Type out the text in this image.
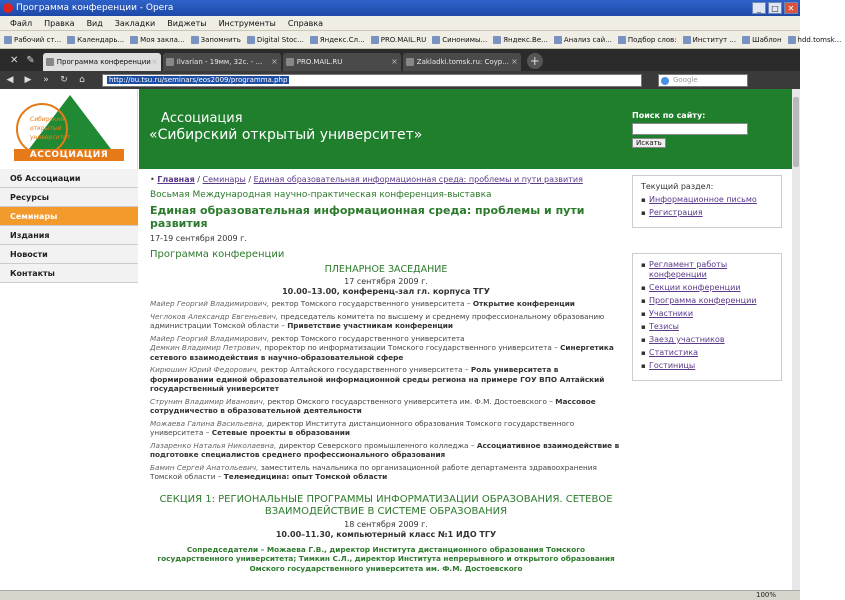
Программа конференции - Opera	_	□	✕
Файл	Правка	Вид	Закладки	Виджеты	Инструменты	Справка
Рабочий ст... Календарь... Моя закла... Запомнить Digital Stoc... Яндекс.Сл... PRO.MAIL.RU Синонимы... Яндекс.Ве... Анализ сай... Подбор слов: Институт ... Шаблон hdd.tomsk...
✕ ✎	Программа конференции ×	Ilvarian - 19мм, 32с. - ... ×	PRO.MAIL.RU	×	Zakladki.tomsk.ru: Соур... × +
◀ ▶	»	↻	⌂	http://ou.tsu.ru/seminars/eos2009/programma.php	Google
Сибирский
открытый
университет
АССОЦИАЦИЯ
Ассоциация
«Сибирский открытый университет»
Поиск по сайту:
Искать
Об Ассоциации
Ресурсы
Семинары
Издания
Новости
Контакты
• Главная / Семинары / Единая образовательная информационная среда: проблемы и пути развития
Восьмая Международная научно-практическая конференция-выставка
Единая образовательная информационная среда: проблемы и пути развития
17-19 сентября 2009 г.
Программа конференции
ПЛЕНАРНОЕ ЗАСЕДАНИЕ
17 сентября 2009 г.
10.00–13.00, конференц-зал гл. корпуса ТГУ
Майер Георгий Владимирович, ректор Томского государственного университета – Открытие конференции
Чеглоков Александр Евгеньевич, председатель комитета по высшему и среднему профессиональному образованию администрации Томской области – Приветствие участникам конференции
Майер Георгий Владимирович, ректор Томского государственного университета
Демкин Владимир Петрович, проректор по информатизации Томского государственного университета – Синергетика сетевого взаимодействия в научно-образовательной сфере
Кирюшин Юрий Федорович, ректор Алтайского государственного университета – Роль университета в формировании единой образовательной информационной среды региона на примере ГОУ ВПО Алтайский государственный университет
Струнин Владимир Иванович, ректор Омского государственного университета им. Ф.М. Достоевского – Массовое сотрудничество в образовательной деятельности
Можаева Галина Васильевна, директор Института дистанционного образования Томского государственного университета – Сетевые проекты в образовании
Лазаренко Наталья Николаевна, директор Северского промышленного колледжа – Ассоциативное взаимодействие в подготовке специалистов среднего профессионального образования
Бамин Сергей Анатольевич, заместитель начальника по организационной работе департамента здравоохранения Томской области – Телемедицина: опыт Томской области
СЕКЦИЯ 1: РЕГИОНАЛЬНЫЕ ПРОГРАММЫ ИНФОРМАТИЗАЦИИ ОБРАЗОВАНИЯ. СЕТЕВОЕ ВЗАИМОДЕЙСТВИЕ В СИСТЕМЕ ОБРАЗОВАНИЯ
18 сентября 2009 г.
10.00–11.30, компьютерный класс №1 ИДО ТГУ
Сопредседатели – Можаева Г.В., директор Института дистанционного образования Томского государственного университета; Тимкин С.Л., директор Института непрерывного и открытого образования Омского государственного университета им. Ф.М. Достоевского
Текущий раздел:
▪ Информационное письмо
▪ Регистрация
▪ Регламент работы конференции
▪ Секции конференции
▪ Программа конференции
▪ Участники
▪ Тезисы
▪ Заезд участников
▪ Статистика
▪ Гостиницы
100%
